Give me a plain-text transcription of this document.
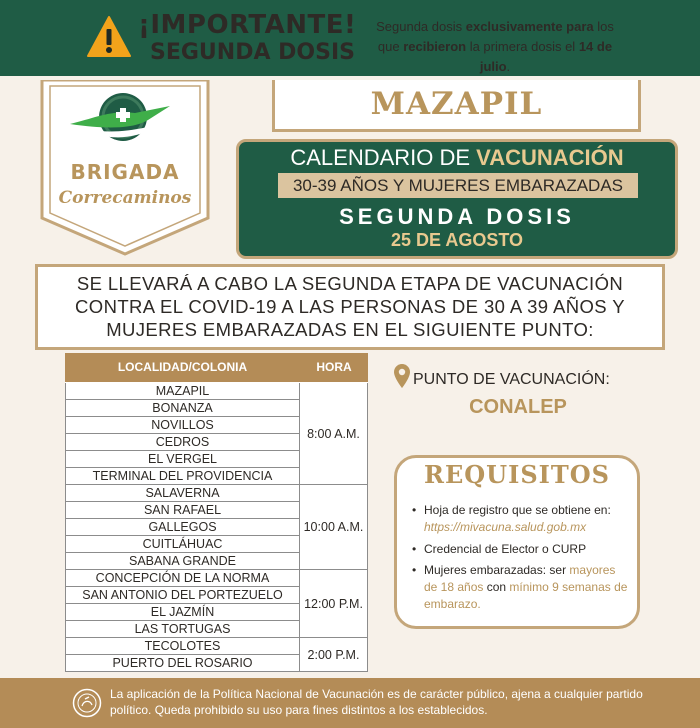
¡IMPORTANTE!
SEGUNDA DOSIS
Segunda dosis exclusivamente para los que recibieron la primera dosis el 14 de julio.
BRIGADA
Correcaminos
MAZAPIL
CALENDARIO DE VACUNACIÓN
30-39 AÑOS Y MUJERES EMBARAZADAS
SEGUNDA DOSIS
25 DE AGOSTO
SE LLEVARÁ A CABO LA SEGUNDA ETAPA DE VACUNACIÓN CONTRA EL COVID-19 A LAS PERSONAS DE 30 A 39 AÑOS Y MUJERES EMBARAZADAS EN EL SIGUIENTE PUNTO:
LOCALIDAD/COLONIA	HORA
MAZAPIL
BONANZA
NOVILLOS
CEDROS
EL VERGEL
TERMINAL DEL PROVIDENCIA
SALAVERNA
SAN RAFAEL
GALLEGOS
CUITLÁHUAC
SABANA GRANDE
CONCEPCIÓN DE LA NORMA
SAN ANTONIO DEL PORTEZUELO
EL JAZMÍN
LAS TORTUGAS
TECOLOTES
PUERTO DEL ROSARIO
8:00 A.M.
10:00 A.M.
12:00 P.M.
2:00 P.M.
PUNTO DE VACUNACIÓN:
CONALEP
REQUISITOS
• Hoja de registro que se obtiene en: https://mivacuna.salud.gob.mx
• Credencial de Elector o CURP
• Mujeres embarazadas: ser mayores de 18 años con mínimo 9 semanas de embarazo.
La aplicación de la Política Nacional de Vacunación es de carácter público, ajena a cualquier partido político. Queda prohibido su uso para fines distintos a los establecidos.
